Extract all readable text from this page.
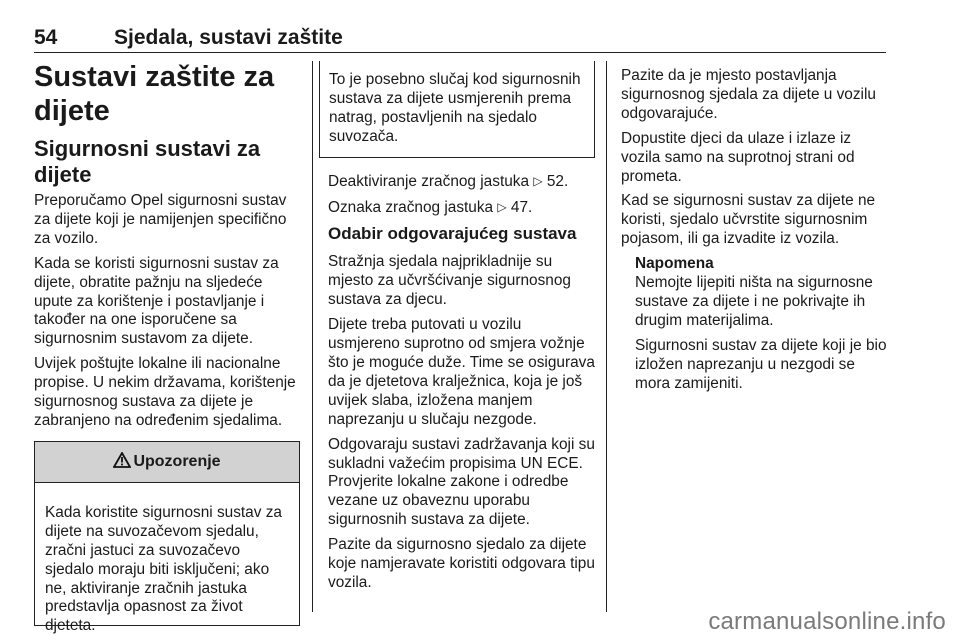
54	Sjedala, sustavi zaštite
Sustavi zaštite za dijete
Sigurnosni sustavi za dijete

Preporučamo Opel sigurnosni sustav za dijete koji je namijenjen specifično za vozilo.

Kada se koristi sigurnosni sustav za dijete, obratite pažnju na sljedeće upute za korištenje i postavljanje i također na one isporučene sa sigurnosnim sustavom za dijete.

Uvijek poštujte lokalne ili nacionalne propise. U nekim državama, korištenje sigurnosnog sustava za dijete je zabranjeno na određenim sjedalima.

Upozorenje
Kada koristite sigurnosni sustav za dijete na suvozačevom sjedalu, zračni jastuci za suvozačevo sjedalo moraju biti isključeni; ako ne, aktiviranje zračnih jastuka predstavlja opasnost za život djeteta.
To je posebno slučaj kod sigurnosnih sustava za dijete usmjerenih prema natrag, postavljenih na sjedalo suvozača.

Deaktiviranje zračnog jastuka ▷ 52.

Oznaka zračnog jastuka ▷ 47.

Odabir odgovarajućeg sustava

Stražnja sjedala najprikladnije su mjesto za učvršćivanje sigurnosnog sustava za djecu.

Dijete treba putovati u vozilu usmjereno suprotno od smjera vožnje što je moguće duže. Time se osigurava da je djetetova kralježnica, koja je još uvijek slaba, izložena manjem naprezanju u slučaju nezgode.

Odgovaraju sustavi zadržavanja koji su sukladni važećim propisima UN ECE. Provjerite lokalne zakone i odredbe vezane uz obaveznu uporabu sigurnosnih sustava za dijete.

Pazite da sigurnosno sjedalo za dijete koje namjeravate koristiti odgovara tipu vozila.

Pazite da je mjesto postavljanja sigurnosnog sjedala za dijete u vozilu odgovarajuće.

Dopustite djeci da ulaze i izlaze iz vozila samo na suprotnoj strani od prometa.

Kad se sigurnosni sustav za dijete ne koristi, sjedalo učvrstite sigurnosnim pojasom, ili ga izvadite iz vozila.

Napomena

Nemojte lijepiti ništa na sigurnosne sustave za dijete i ne pokrivajte ih drugim materijalima.

Sigurnosni sustav za dijete koji je bio izložen naprezanju u nezgodi se mora zamijeniti.

carmanualsonline.info
